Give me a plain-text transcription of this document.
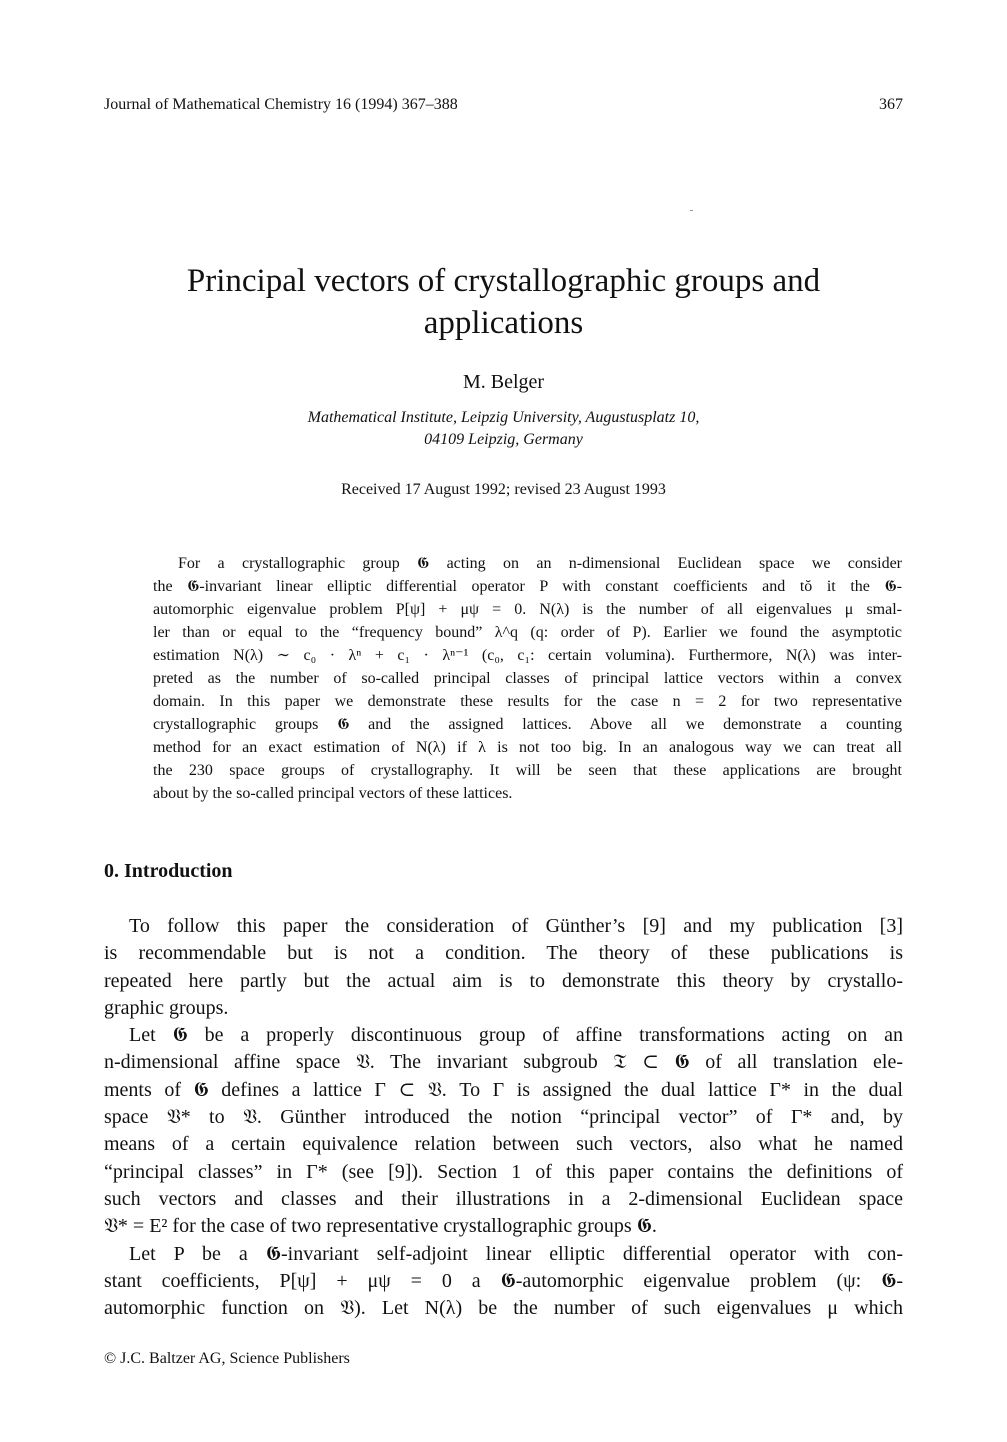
Journal of Mathematical Chemistry 16 (1994) 367–388	367
Principal vectors of crystallographic groups and
applications
M. Belger
Mathematical Institute, Leipzig University, Augustusplatz 10,
04109 Leipzig, Germany
Received 17 August 1992; revised 23 August 1993
For a crystallographic group 𝕲 acting on an n-dimensional Euclidean space we consider
the 𝕲-invariant linear elliptic differential operator P with constant coefficients and tŏ it the 𝕲-
automorphic eigenvalue problem P[ψ] + μψ = 0. N(λ) is the number of all eigenvalues μ smal-
ler than or equal to the “frequency bound” λ^q (q: order of P). Earlier we found the asymptotic
estimation N(λ) ∼ c₀ · λⁿ + c₁ · λⁿ⁻¹ (c₀, c₁: certain volumina). Furthermore, N(λ) was inter-
preted as the number of so-called principal classes of principal lattice vectors within a convex
domain. In this paper we demonstrate these results for the case n = 2 for two representative
crystallographic groups 𝕲 and the assigned lattices. Above all we demonstrate a counting
method for an exact estimation of N(λ) if λ is not too big. In an analogous way we can treat all
the 230 space groups of crystallography. It will be seen that these applications are brought
about by the so-called principal vectors of these lattices.
0. Introduction
To follow this paper the consideration of Günther’s [9] and my publication [3]
is recommendable but is not a condition. The theory of these publications is
repeated here partly but the actual aim is to demonstrate this theory by crystallo-
graphic groups.
Let 𝕲 be a properly discontinuous group of affine transformations acting on an
n-dimensional affine space 𝔙. The invariant subgroub 𝔗 ⊂ 𝕲 of all translation ele-
ments of 𝕲 defines a lattice Γ ⊂ 𝔙. To Γ is assigned the dual lattice Γ* in the dual
space 𝔙* to 𝔙. Günther introduced the notion “principal vector” of Γ* and, by
means of a certain equivalence relation between such vectors, also what he named
“principal classes” in Γ* (see [9]). Section 1 of this paper contains the definitions of
such vectors and classes and their illustrations in a 2-dimensional Euclidean space
𝔙* = E² for the case of two representative crystallographic groups 𝕲.
Let P be a 𝕲-invariant self-adjoint linear elliptic differential operator with con-
stant coefficients, P[ψ] + μψ = 0 a 𝕲-automorphic eigenvalue problem (ψ: 𝕲-
automorphic function on 𝔙). Let N(λ) be the number of such eigenvalues μ which
© J.C. Baltzer AG, Science Publishers
